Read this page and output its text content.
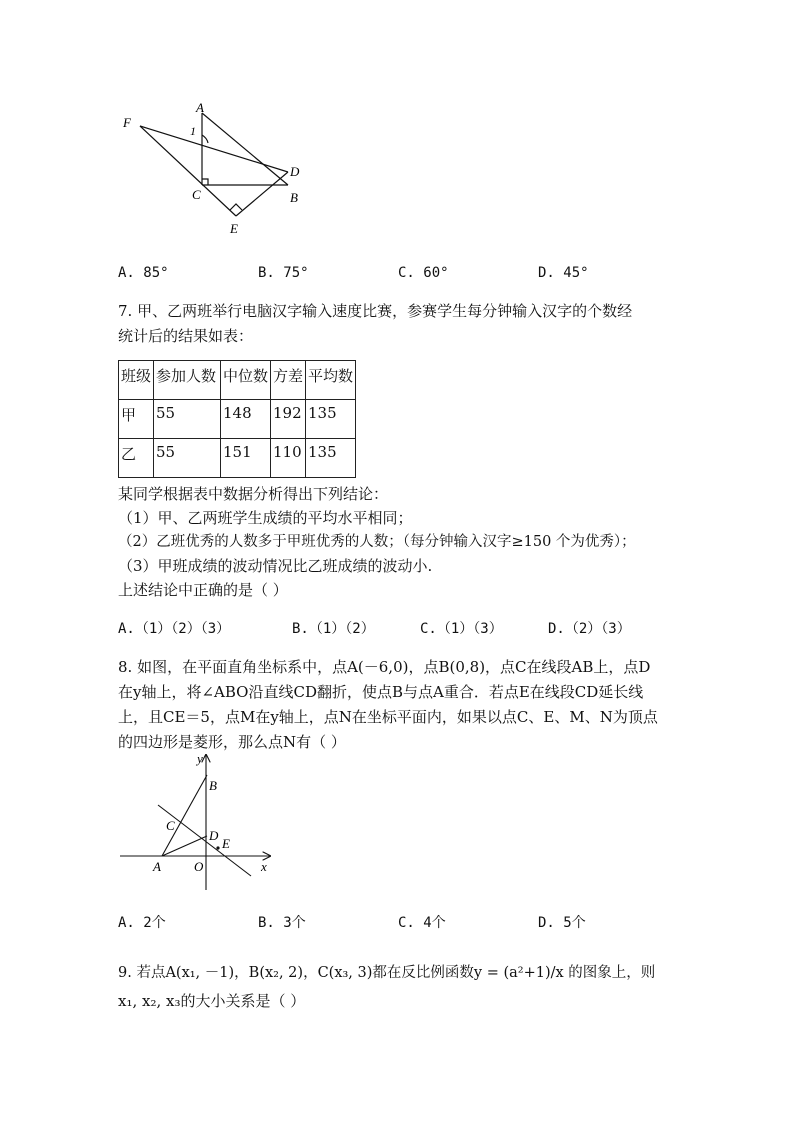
A
F
1
D
C	B
E
A. 85°	B. 75°	C. 60°	D. 45°
7. 甲、乙两班举行电脑汉字输入速度比赛，参赛学生每分钟输入汉字的个数经
统计后的结果如表：
班级	参加人数	中位数	方差	平均数
甲	55	148	192	135
乙	55	151	110	135
某同学根据表中数据分析得出下列结论：
（1）甲、乙两班学生成绩的平均水平相同；
（2）乙班优秀的人数多于甲班优秀的人数；（每分钟输入汉字≥150 个为优秀）；
（3）甲班成绩的波动情况比乙班成绩的波动小.
上述结论中正确的是（ ）
A.（1）（2）（3）	B.（1）（2）	C.（1）（3）	D.（2）（3）
8. 如图，在平面直角坐标系中，点A(－6,0)，点B(0,8)，点C在线段AB上，点D
在y轴上，将∠ABO沿直线CD翻折，使点B与点A重合．若点E在线段CD延长线
上，且CE＝5，点M在y轴上，点N在坐标平面内，如果以点C、E、M、N为顶点
的四边形是菱形，那么点N有（ ）
y
B
C
D
E
A	O	x
A. 2个	B. 3个	C. 4个	D. 5个
9. 若点A(x₁, －1)，B(x₂, 2)，C(x₃, 3)都在反比例函数y = (a²+1)/x 的图象上，则
x₁, x₂, x₃的大小关系是（ ）
